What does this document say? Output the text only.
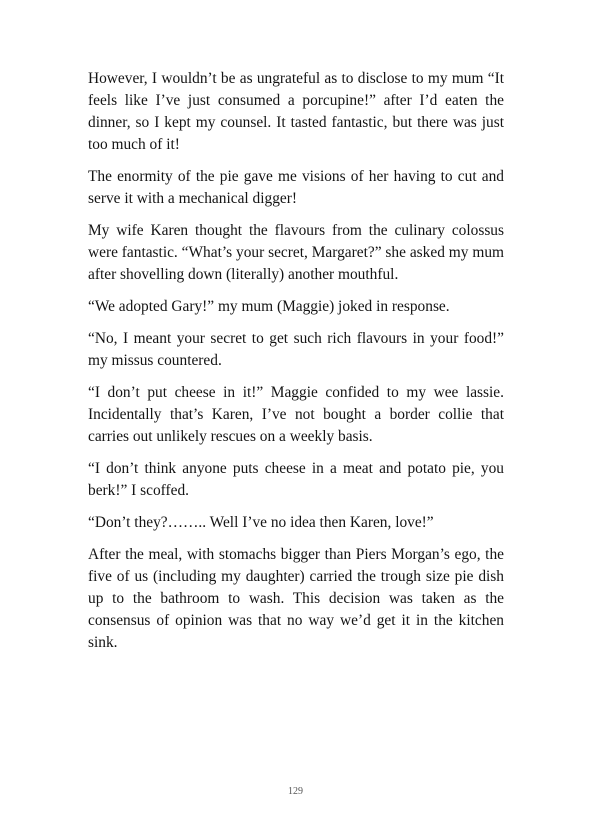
However, I wouldn’t be as ungrateful as to disclose to my mum “It feels like I’ve just consumed a porcupine!” after I’d eaten the dinner, so I kept my counsel. It tasted fantastic, but there was just too much of it!

The enormity of the pie gave me visions of her having to cut and serve it with a mechanical digger!

My wife Karen thought the flavours from the culinary colossus were fantastic. “What’s your secret, Margaret?” she asked my mum after shovelling down (literally) another mouthful.

“We adopted Gary!” my mum (Maggie) joked in response.

“No, I meant your secret to get such rich flavours in your food!” my missus countered.

“I don’t put cheese in it!” Maggie confided to my wee lassie. Incidentally that’s Karen, I’ve not bought a border collie that carries out unlikely rescues on a weekly basis.

“I don’t think anyone puts cheese in a meat and potato pie, you berk!” I scoffed.

“Don’t they?…….. Well I’ve no idea then Karen, love!”

After the meal, with stomachs bigger than Piers Morgan’s ego, the five of us (including my daughter) carried the trough size pie dish up to the bathroom to wash. This decision was taken as the consensus of opinion was that no way we’d get it in the kitchen sink.

129
